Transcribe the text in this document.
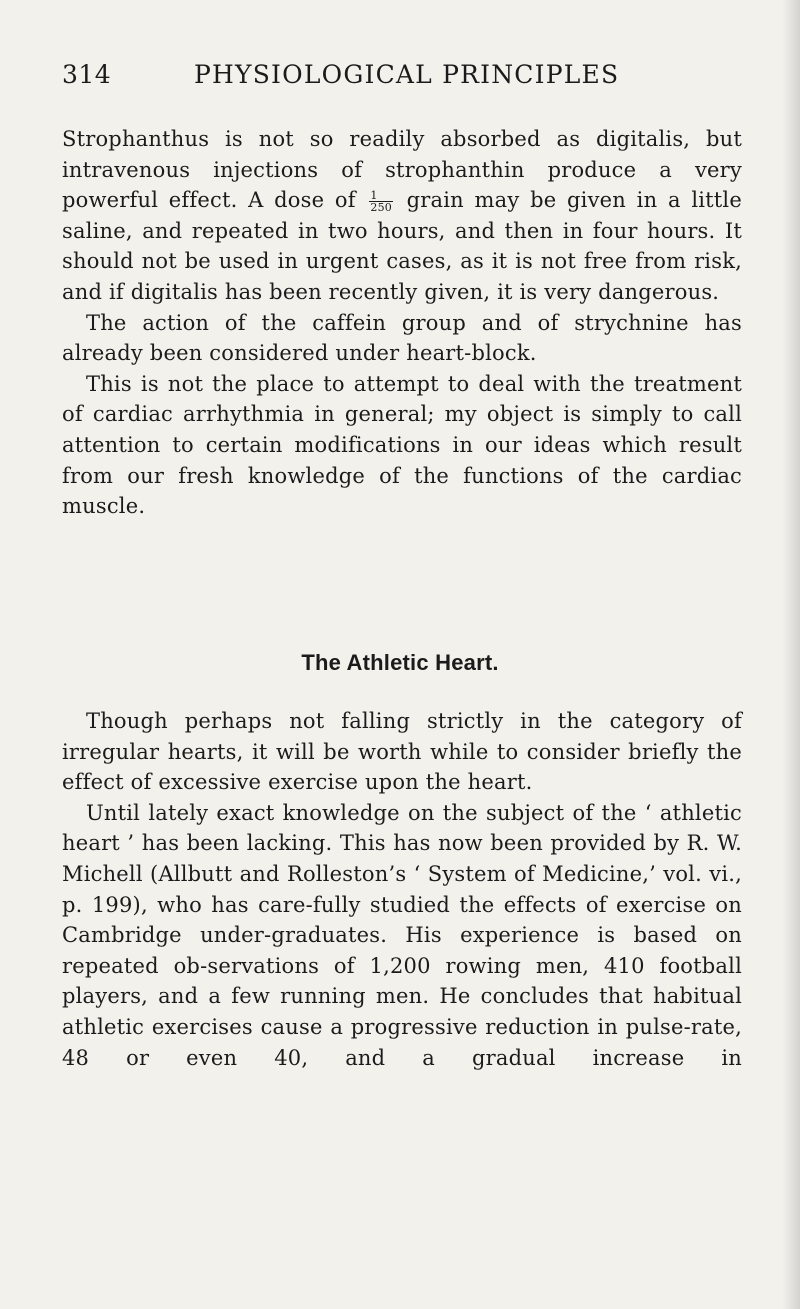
314	PHYSIOLOGICAL PRINCIPLES

Strophanthus is not so readily absorbed as digitalis, but intravenous injections of strophanthin produce a very powerful effect. A dose of $\frac{1}{250}$ grain may be given in a little saline, and repeated in two hours, and then in four hours. It should not be used in urgent cases, as it is not free from risk, and if digitalis has been recently given, it is very dangerous.

The action of the caffein group and of strychnine has already been considered under heart-block.

This is not the place to attempt to deal with the treatment of cardiac arrhythmia in general; my object is simply to call attention to certain modifications in our ideas which result from our fresh knowledge of the functions of the cardiac muscle.

The Athletic Heart.

Though perhaps not falling strictly in the category of irregular hearts, it will be worth while to consider briefly the effect of excessive exercise upon the heart.

Until lately exact knowledge on the subject of the ‘ athletic heart ’ has been lacking. This has now been provided by R. W. Michell (Allbutt and Rolleston’s ‘ System of Medicine,’ vol. vi., p. 199), who has care-fully studied the effects of exercise on Cambridge under-graduates. His experience is based on repeated ob-servations of 1,200 rowing men, 410 football players, and a few running men. He concludes that habitual athletic exercises cause a progressive reduction in pulse-rate, 48 or even 40, and a gradual increase in
